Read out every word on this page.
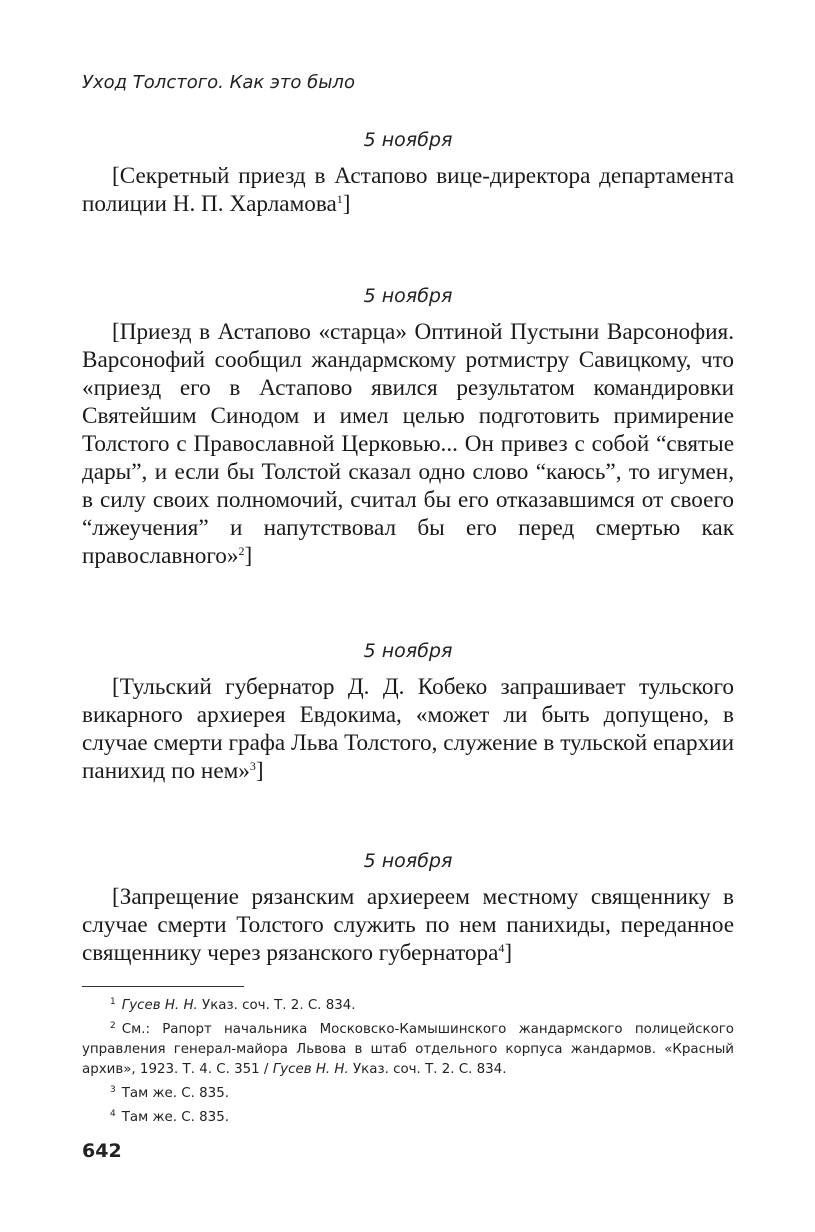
Уход Толстого. Как это было
5 ноября

[Секретный приезд в Астапово вице-директора департамента полиции Н. П. Харламова$^1$]

5 ноября

[Приезд в Астапово «старца» Оптиной Пустыни Варсонофия. Варсонофий сообщил жандармскому ротмистру Савицкому, что «приезд его в Астапово явился результатом командировки Святейшим Синодом и имел целью подготовить примирение Толстого с Православной Церковью... Он привез с собой “святые дары”, и если бы Толстой сказал одно слово “каюсь”, то игумен, в силу своих полномочий, считал бы его отказавшимся от своего “лжеучения” и напутствовал бы его перед смертью как православного»$^2$]

5 ноября

[Тульский губернатор Д. Д. Кобеко запрашивает тульского викарного архиерея Евдокима, «может ли быть допущено, в случае смерти графа Льва Толстого, служение в тульской епархии панихид по нем»$^3$]

5 ноября

[Запрещение рязанским архиереем местному священнику в случае смерти Толстого служить по нем панихиды, переданное священнику через рязанского губернатора$^4$]

$^1$ Гусев Н. Н. Указ. соч. Т. 2. С. 834.

$^2$ См.: Рапорт начальника Московско-Камышинского жандармского полицейского управления генерал-майора Львова в штаб отдельного корпуса жандармов. «Красный архив», 1923. Т. 4. С. 351 / Гусев Н. Н. Указ. соч. Т. 2. С. 834.

$^3$ Там же. С. 835.

$^4$ Там же. С. 835.

642
